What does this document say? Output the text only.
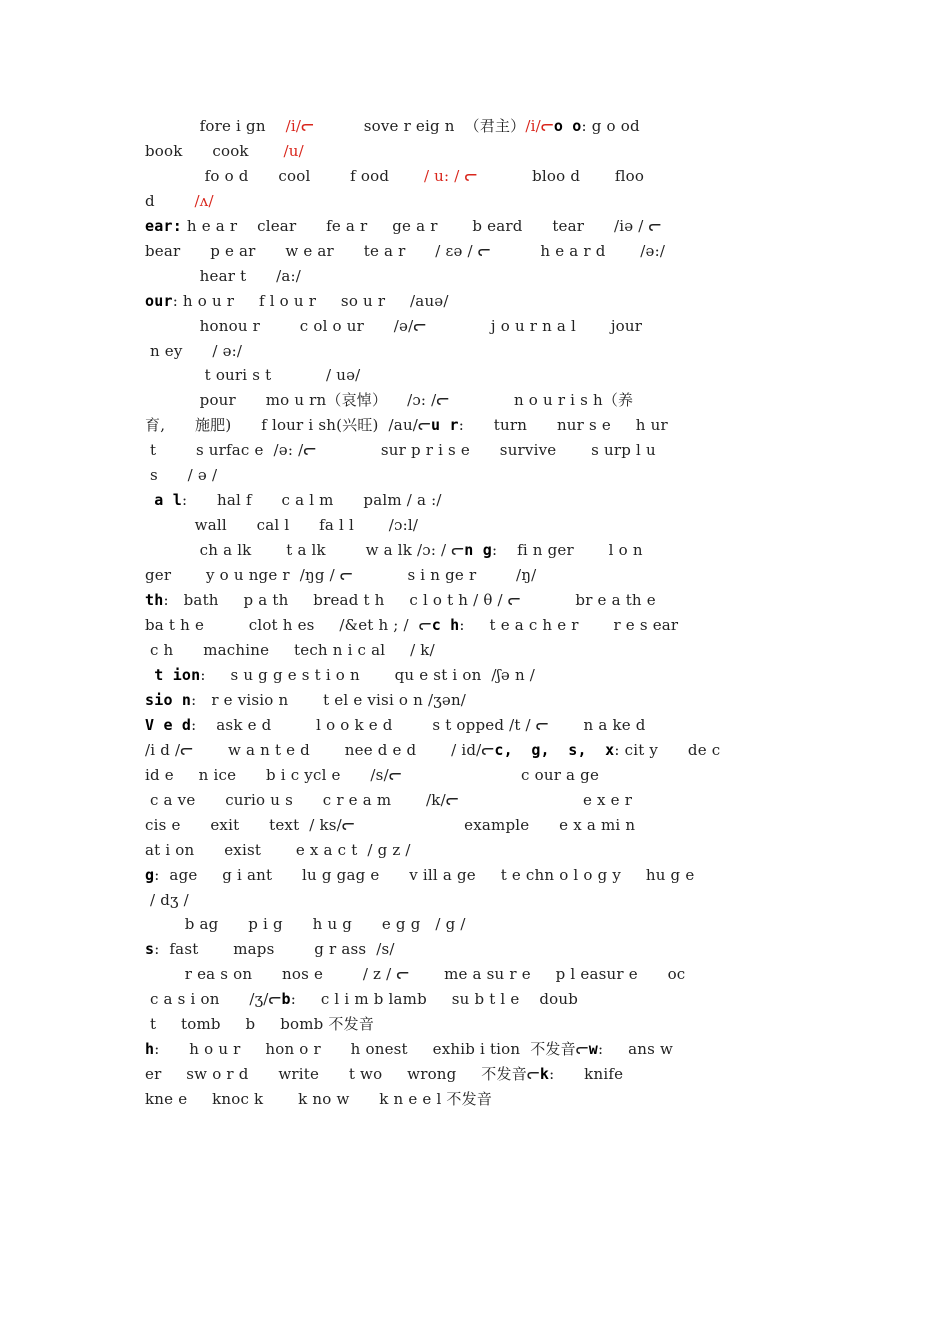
fore i gn    /i/ᓕ          sove r eig n  （君主）/i/ᓕo o: g o od
book      cook       /u/
fo o d      cool        f ood       / u: / ᓕ           bloo d       floo
d        /ʌ/
ear: h e a r    clear      fe a r     ge a r       b eard      tear      /iə / ᓕ
bear      p e ar      w e ar      te a r      / ɛə / ᓕ          h e a r d       /ə:/
hear t      /a:/
our: h o u r     f l o u r     so u r     /auə/
honou r        c ol o ur      /ə/ᓕ             j o u r n a l       jour
n ey      / ə:/
t ouri s t           / uə/
pour      mo u rn（哀悼）    /ɔ: /ᓕ             n o u r i s h（养
育,      施肥)      f lour i sh(兴旺)  /au/ᓕu r:      turn      nur s e     h ur
t        s urfac e  /ə: /ᓕ             sur p r i s e      survive       s urp l u
s      / ə /
a l:      hal f      c a l m      palm / a :/
wall      cal l      fa l l       /ɔ:l/
ch a lk       t a lk        w a lk /ɔ: / ᓕn g:    fi n ger       l o n
ger       y o u nge r  /ŋg / ᓕ           s i n ge r        /ŋ/
th:   bath     p a th     bread t h     c l o t h / θ / ᓕ           br e a th e
ba t h e         clot h es     /&et h ; /  ᓕc h:     t e a c h e r       r e s ear
c h      machine     tech n i c al     / k/
t ion:     s u g g e s t i o n       qu e st i on  /ʃə n /
sio n:   r e visio n       t el e visi o n /ʒən/
V e d:    ask e d         l o o k e d        s t opped /t / ᓕ       n a ke d
/i d /ᓕ       w a n t e d       nee d e d       / id/ᓕc,  g,  s,  x: cit y      de c
id e     n ice      b i c ycl e      /s/ᓕ                        c our a ge
c a ve      curio u s      c r e a m       /k/ᓕ                         e x e r
cis e      exit      text  / ks/ᓕ                      example      e x a mi n
at i on      exist       e x a c t  / g z /
g:  age     g i ant      lu g gag e      v ill a ge     t e chn o l o g y     hu g e
/ dʒ /
b ag      p i g      h u g      e g g   / g /
s:  fast       maps        g r ass  /s/
r ea s on      nos e        / z / ᓕ       me a su r e     p l easur e      oc
c a s i on      /ʒ/ᓕb:     c l i m b lamb     su b t l e    doub
t     tomb     b     bomb 不发音
h:      h o u r     hon o r      h onest     exhib i tion  不发音ᓕw:     ans w
er     sw o r d      write      t wo     wrong     不发音ᓕk:      knife
kne e     knoc k       k no w      k n e e l 不发音
